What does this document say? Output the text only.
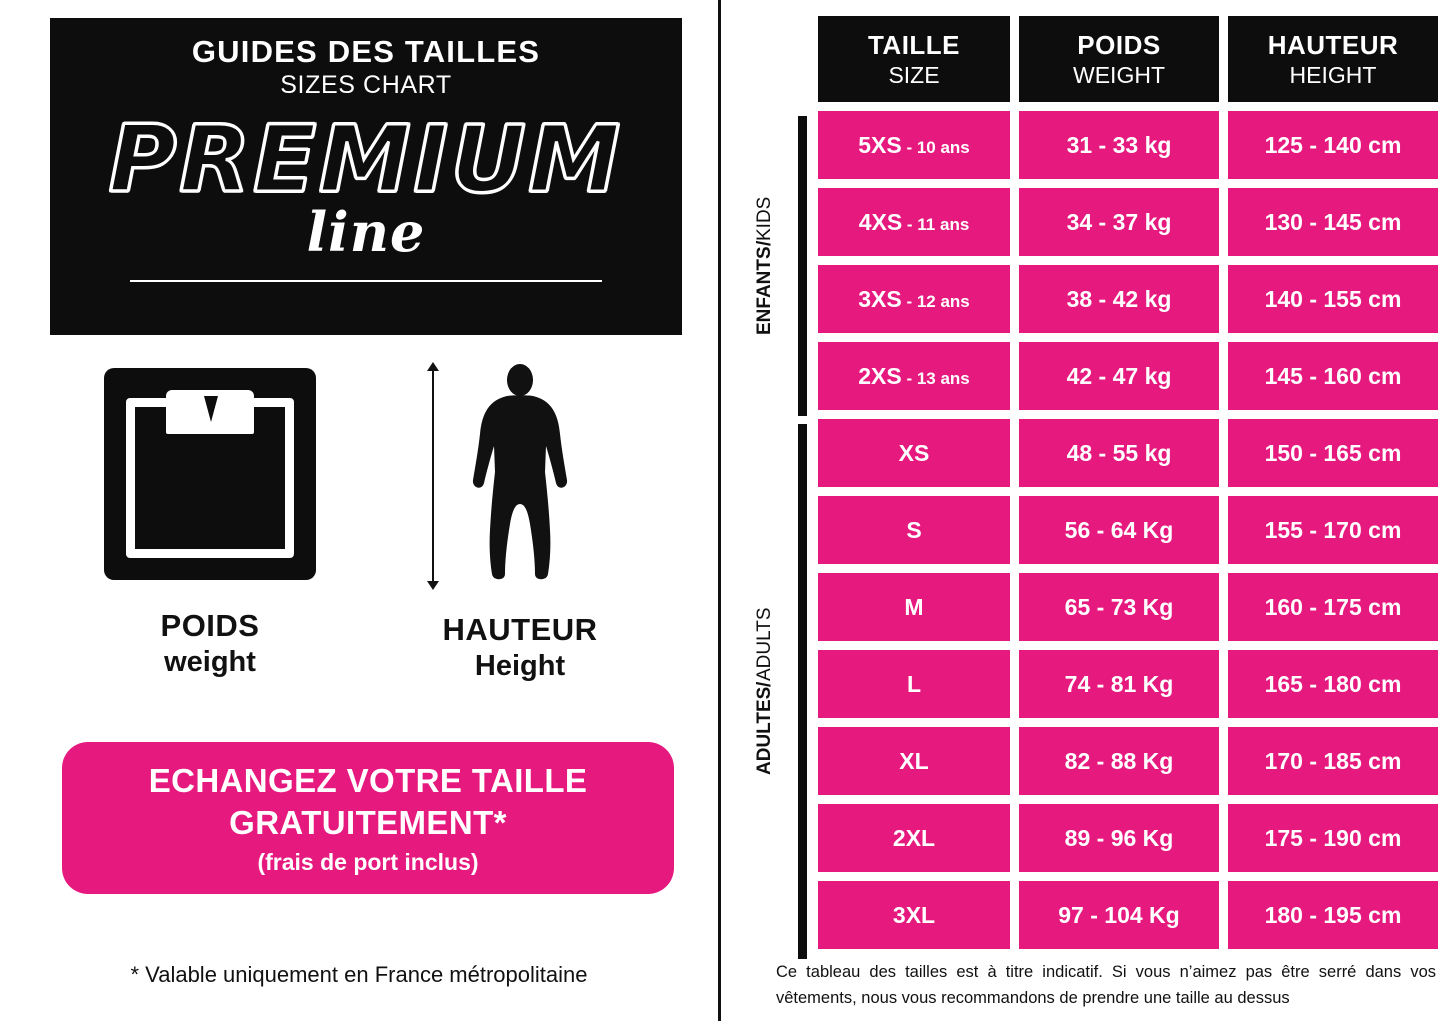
GUIDES DES TAILLES
SIZES CHART
PREMIUM
line
POIDS
weight
HAUTEUR
Height
ECHANGEZ VOTRE TAILLE GRATUITEMENT*
(frais de port inclus)
* Valable uniquement en France métropolitaine
ENFANTS
/
KIDS
ADULTES
/
ADULTS
TAILLE
SIZE
POIDS
WEIGHT
HAUTEUR
HEIGHT
5XS - 10 ans	31 - 33 kg	125 - 140 cm
4XS - 11 ans	34 - 37 kg	130 - 145 cm
3XS - 12 ans	38 - 42 kg	140 - 155 cm
2XS - 13 ans	42 - 47 kg	145 - 160 cm
XS	48 - 55 kg	150 - 165 cm
S	56 - 64 Kg	155 - 170 cm
M	65 - 73 Kg	160 - 175 cm
L	74 - 81 Kg	165 - 180 cm
XL	82 - 88 Kg	170 - 185 cm
2XL	89 - 96 Kg	175 - 190 cm
3XL	97 - 104 Kg	180 - 195 cm
Ce tableau des tailles est à titre indicatif. Si vous n’aimez pas être serré dans vos vêtements, nous vous recommandons de prendre une taille au dessus
